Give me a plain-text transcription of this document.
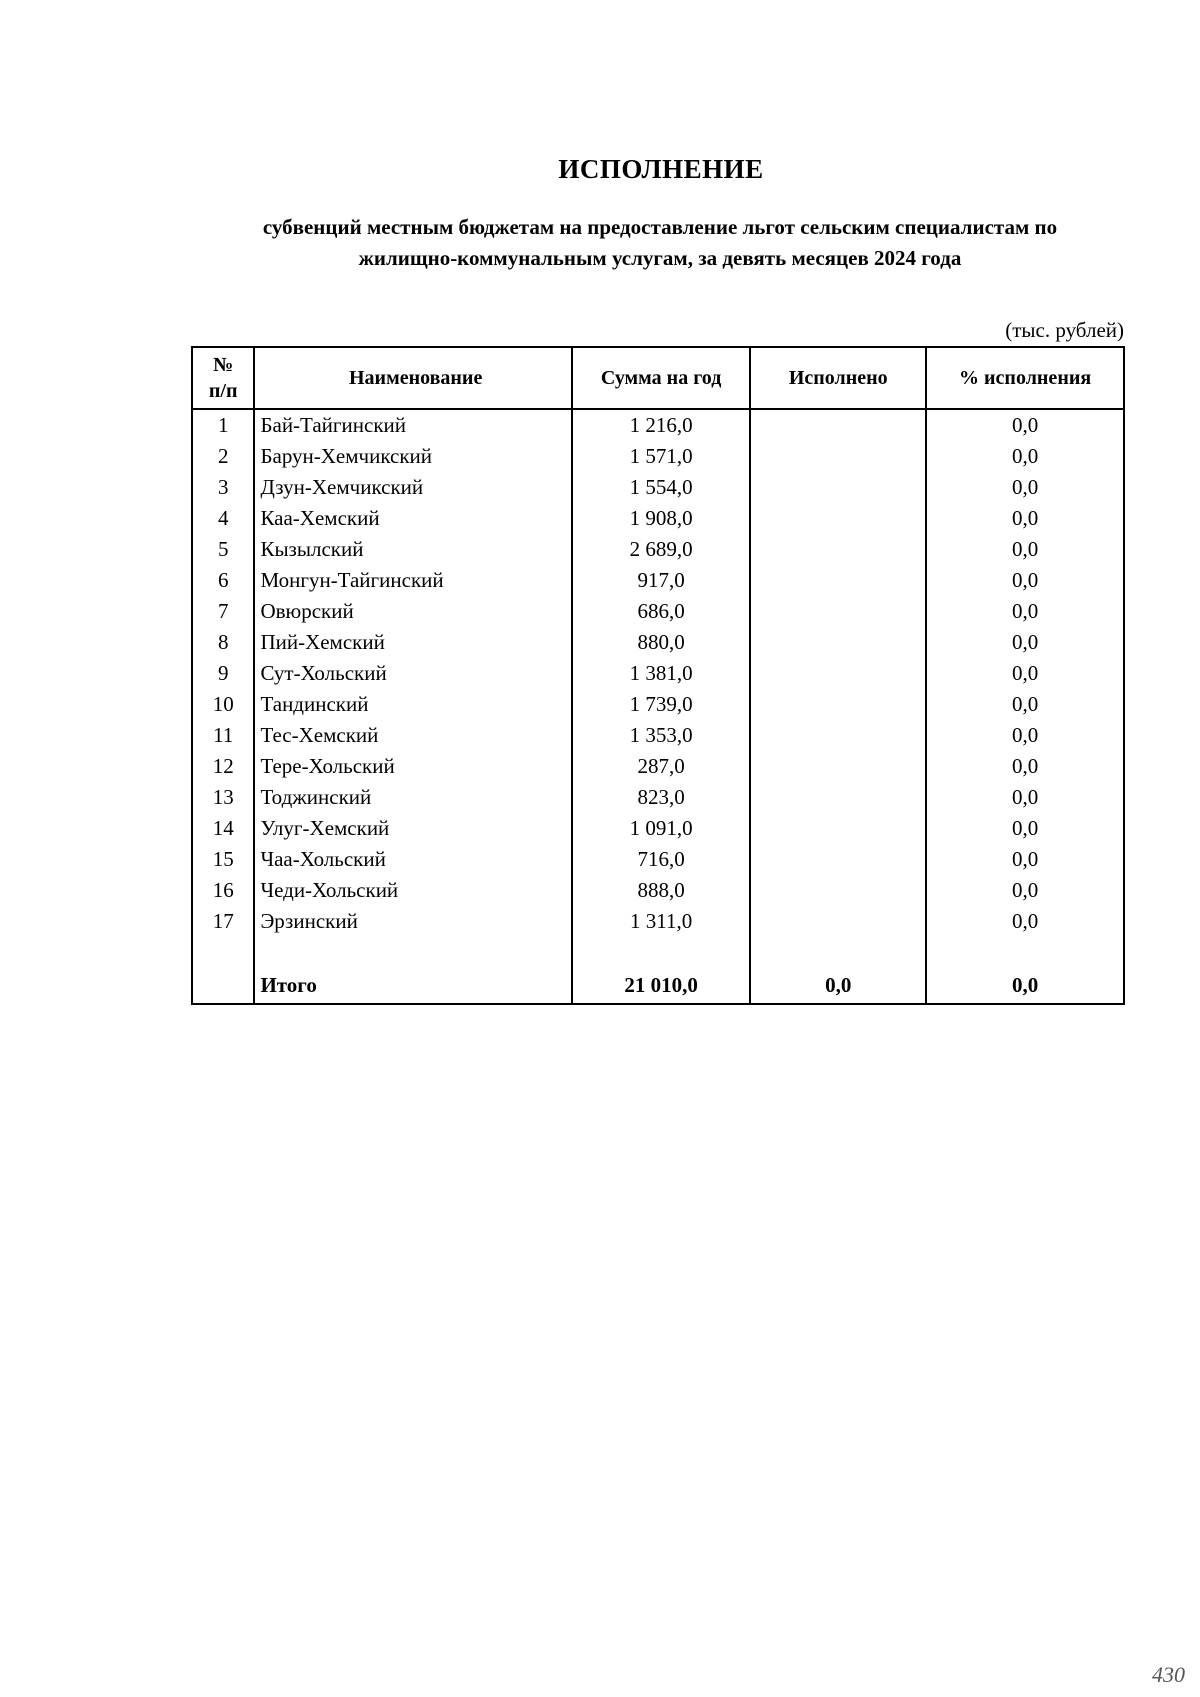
ИСПОЛНЕНИЕ
субвенций местным бюджетам на предоставление льгот сельским специалистам по
жилищно-коммунальным услугам, за девять месяцев 2024 года
(тыс. рублей)
№
п/п	Наименование	Сумма на год	Исполнено	% исполнения
1	Бай-Тайгинский	1 216,0		0,0
2	Барун-Хемчикский	1 571,0		0,0
3	Дзун-Хемчикский	1 554,0		0,0
4	Каа-Хемский	1 908,0		0,0
5	Кызылский	2 689,0		0,0
6	Монгун-Тайгинский	917,0		0,0
7	Овюрский	686,0		0,0
8	Пий-Хемский	880,0		0,0
9	Сут-Хольский	1 381,0		0,0
10	Тандинский	1 739,0		0,0
11	Тес-Хемский	1 353,0		0,0
12	Тере-Хольский	287,0		0,0
13	Тоджинский	823,0		0,0
14	Улуг-Хемский	1 091,0		0,0
15	Чаа-Хольский	716,0		0,0
16	Чеди-Хольский	888,0		0,0
17	Эрзинский	1 311,0		0,0

	Итого	21 010,0	0,0	0,0
430
